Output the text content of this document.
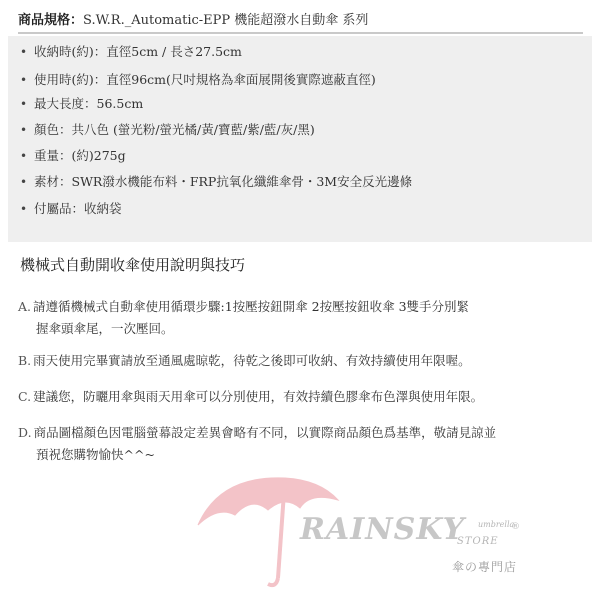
商品規格：S.W.R._Automatic-EPP 機能超潑水自動傘 系列
• 收納時(約)：直徑5cm / 長さ27.5cm
• 使用時(約)：直徑96cm(尺吋規格為傘面展開後實際遮蔽直徑)
• 最大長度：56.5cm
• 顏色：共八色 (螢光粉/螢光橘/黃/寶藍/紫/藍/灰/黑)
• 重量：(約)275g
• 素材：SWR潑水機能布料・FRP抗氧化纖維傘骨・3M安全反光邊條
• 付屬品：收納袋
機械式自動開收傘使用說明與技巧
A. 請遵循機械式自動傘使用循環步驟:1按壓按鈕開傘 2按壓按鈕收傘 3雙手分別緊
握傘頭傘尾，一次壓回。
B. 雨天使用完畢實請放至通風處晾乾，待乾之後即可收納、有效持續使用年限喔。
C. 建議您，防曬用傘與雨天用傘可以分別使用，有效持續色膠傘布色澤與使用年限。
D. 商品圖檔顏色因電腦螢幕設定差異會略有不同，以實際商品顏色爲基準，敬請見諒並
預祝您購物愉快^^~
RAINSKY umbrella
®
STORE
傘の專門店
